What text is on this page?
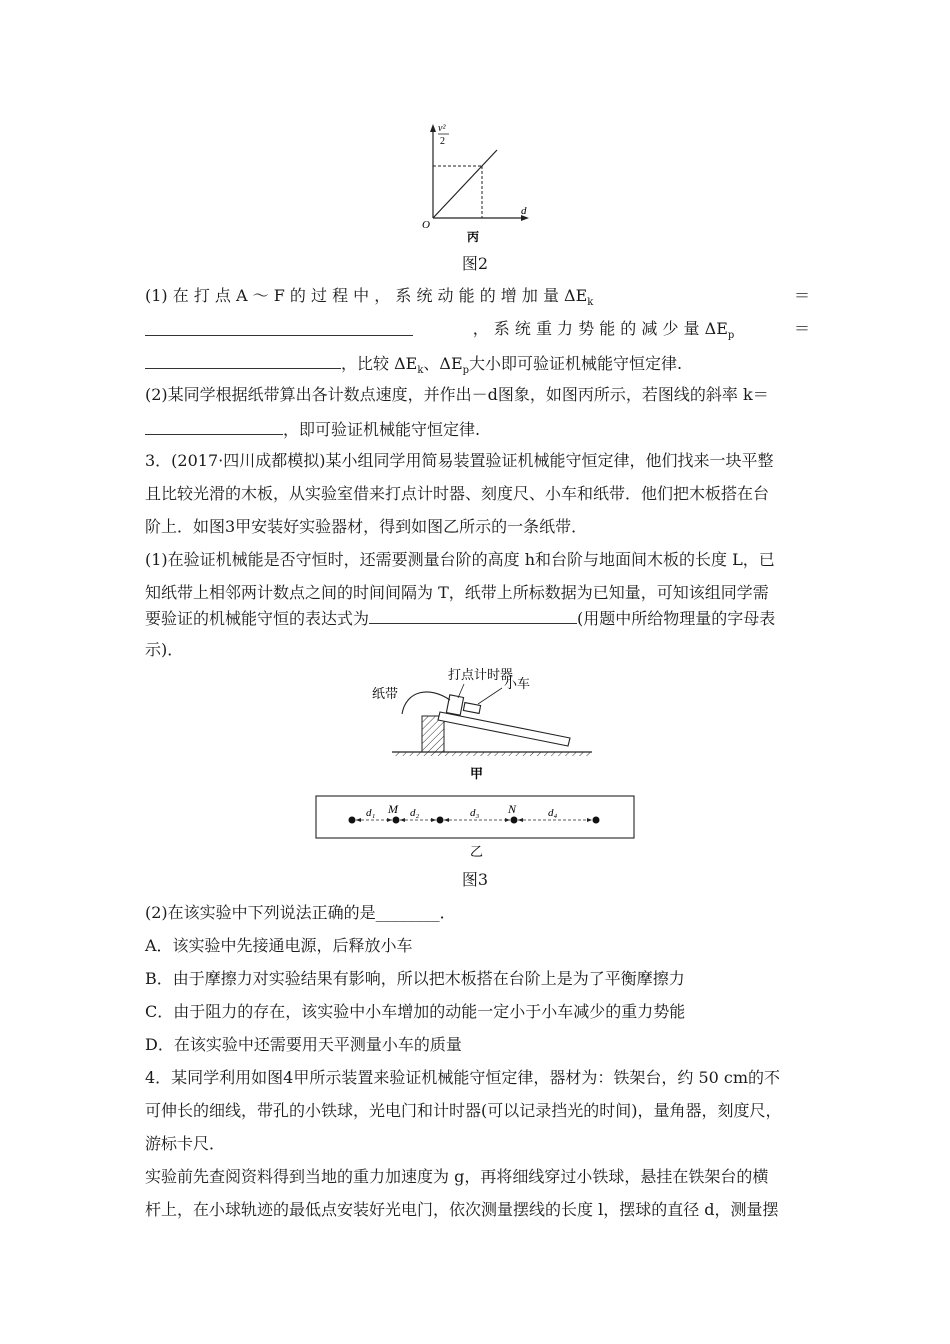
v²
2
d
O
丙
图2
(1) 在 打 点 A ～ F 的 过 程 中 ， 系 统 动 能 的 增 加 量 $\Delta E_k$	＝
， 系 统 重 力 势 能 的 减 少 量 $\Delta E_p$	＝
，比较 $\Delta E_k$、$\Delta E_p$大小即可验证机械能守恒定律.
(2)某同学根据纸带算出各计数点速度，并作出－d图象，如图丙所示，若图线的斜率 k＝
，即可验证机械能守恒定律.
3．(2017·四川成都模拟)某小组同学用简易装置验证机械能守恒定律，他们找来一块平整
且比较光滑的木板，从实验室借来打点计时器、刻度尺、小车和纸带．他们把木板搭在台
阶上．如图3甲安装好实验器材，得到如图乙所示的一条纸带．
(1)在验证机械能是否守恒时，还需要测量台阶的高度 h和台阶与地面间木板的长度 L，已
知纸带上相邻两计数点之间的时间间隔为 T，纸带上所标数据为已知量，可知该组同学需
要验证的机械能守恒的表达式为	(用题中所给物理量的字母表
示)．
纸带
打点计时器
小车
甲
d₁ M d₂	d₃ N	d₄
乙
图3
(2)在该实验中下列说法正确的是________．
A．该实验中先接通电源，后释放小车
B．由于摩擦力对实验结果有影响，所以把木板搭在台阶上是为了平衡摩擦力
C．由于阻力的存在，该实验中小车增加的动能一定小于小车减少的重力势能
D．在该实验中还需要用天平测量小车的质量
4．某同学利用如图4甲所示装置来验证机械能守恒定律，器材为：铁架台，约 50 cm的不
可伸长的细线，带孔的小铁球，光电门和计时器(可以记录挡光的时间)，量角器，刻度尺，
游标卡尺．
实验前先查阅资料得到当地的重力加速度为 g，再将细线穿过小铁球，悬挂在铁架台的横
杆上，在小球轨迹的最低点安装好光电门，依次测量摆线的长度 l，摆球的直径 d，测量摆
